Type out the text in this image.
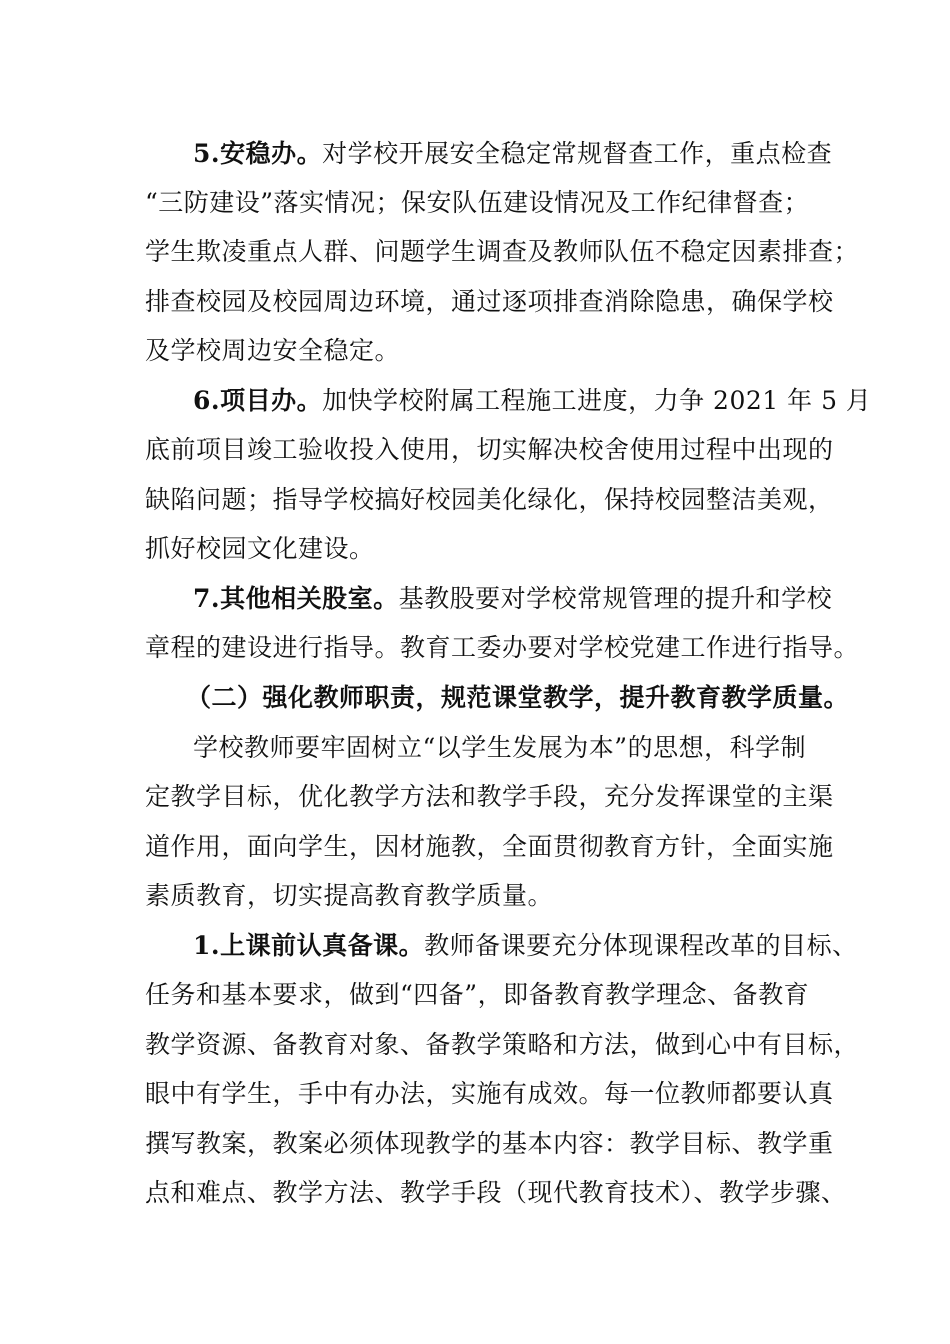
5.安稳办。对学校开展安全稳定常规督查工作，重点检查
“三防建设”落实情况；保安队伍建设情况及工作纪律督查；
学生欺凌重点人群、问题学生调查及教师队伍不稳定因素排查；
排查校园及校园周边环境，通过逐项排查消除隐患，确保学校
及学校周边安全稳定。
6.项目办。加快学校附属工程施工进度，力争 2021 年 5 月
底前项目竣工验收投入使用，切实解决校舍使用过程中出现的
缺陷问题；指导学校搞好校园美化绿化，保持校园整洁美观，
抓好校园文化建设。
7.其他相关股室。基教股要对学校常规管理的提升和学校
章程的建设进行指导。教育工委办要对学校党建工作进行指导。
（二）强化教师职责，规范课堂教学，提升教育教学质量。
学校教师要牢固树立“以学生发展为本”的思想，科学制
定教学目标，优化教学方法和教学手段，充分发挥课堂的主渠
道作用，面向学生，因材施教，全面贯彻教育方针，全面实施
素质教育，切实提高教育教学质量。
1.上课前认真备课。教师备课要充分体现课程改革的目标、
任务和基本要求，做到“四备”，即备教育教学理念、备教育
教学资源、备教育对象、备教学策略和方法，做到心中有目标，
眼中有学生，手中有办法，实施有成效。每一位教师都要认真
撰写教案，教案必须体现教学的基本内容：教学目标、教学重
点和难点、教学方法、教学手段（现代教育技术）、教学步骤、
